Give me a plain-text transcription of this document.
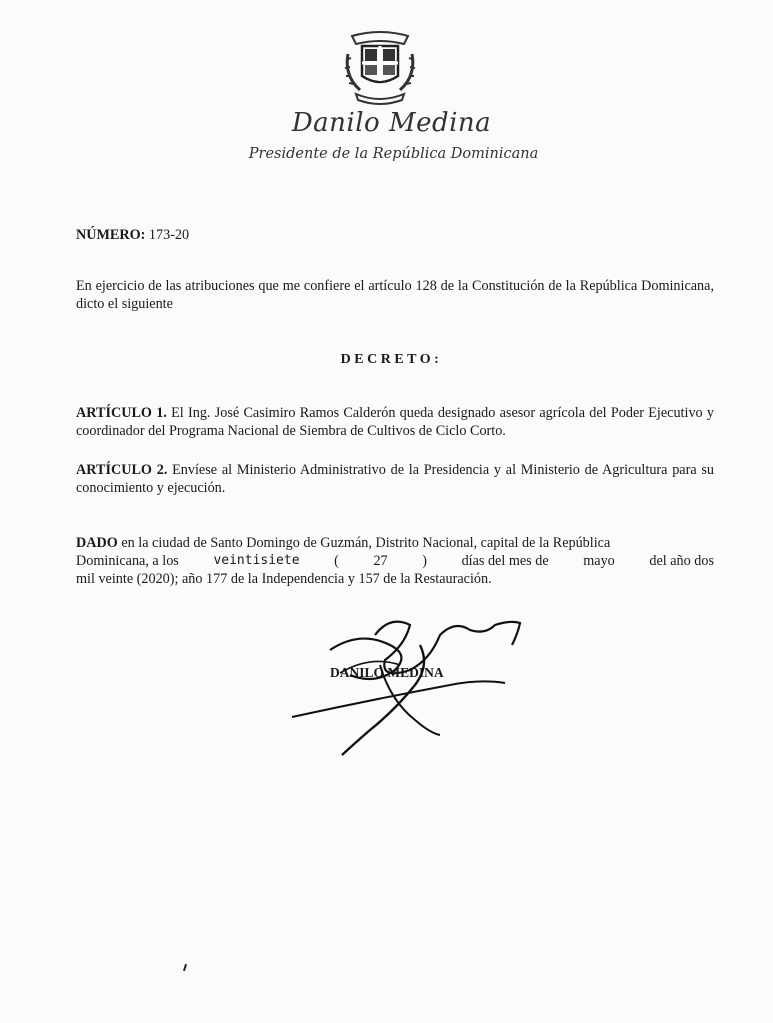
Danilo Medina
Presidente de la República Dominicana
NÚMERO: 173-20
En ejercicio de las atribuciones que me confiere el artículo 128 de la Constitución de la República Dominicana, dicto el siguiente
DECRETO:
ARTÍCULO 1. El Ing. José Casimiro Ramos Calderón queda designado asesor agrícola del Poder Ejecutivo y coordinador del Programa Nacional de Siembra de Cultivos de Ciclo Corto.
ARTÍCULO 2. Envíese al Ministerio Administrativo de la Presidencia y al Ministerio de Agricultura para su conocimiento y ejecución.
DADO en la ciudad de Santo Domingo de Guzmán, Distrito Nacional, capital de la República
Dominicana, a los	veintisiete ( 27 ) días del mes de mayo del año dos
mil veinte (2020); año 177 de la Independencia y 157 de la Restauración.
DANILO MEDINA
